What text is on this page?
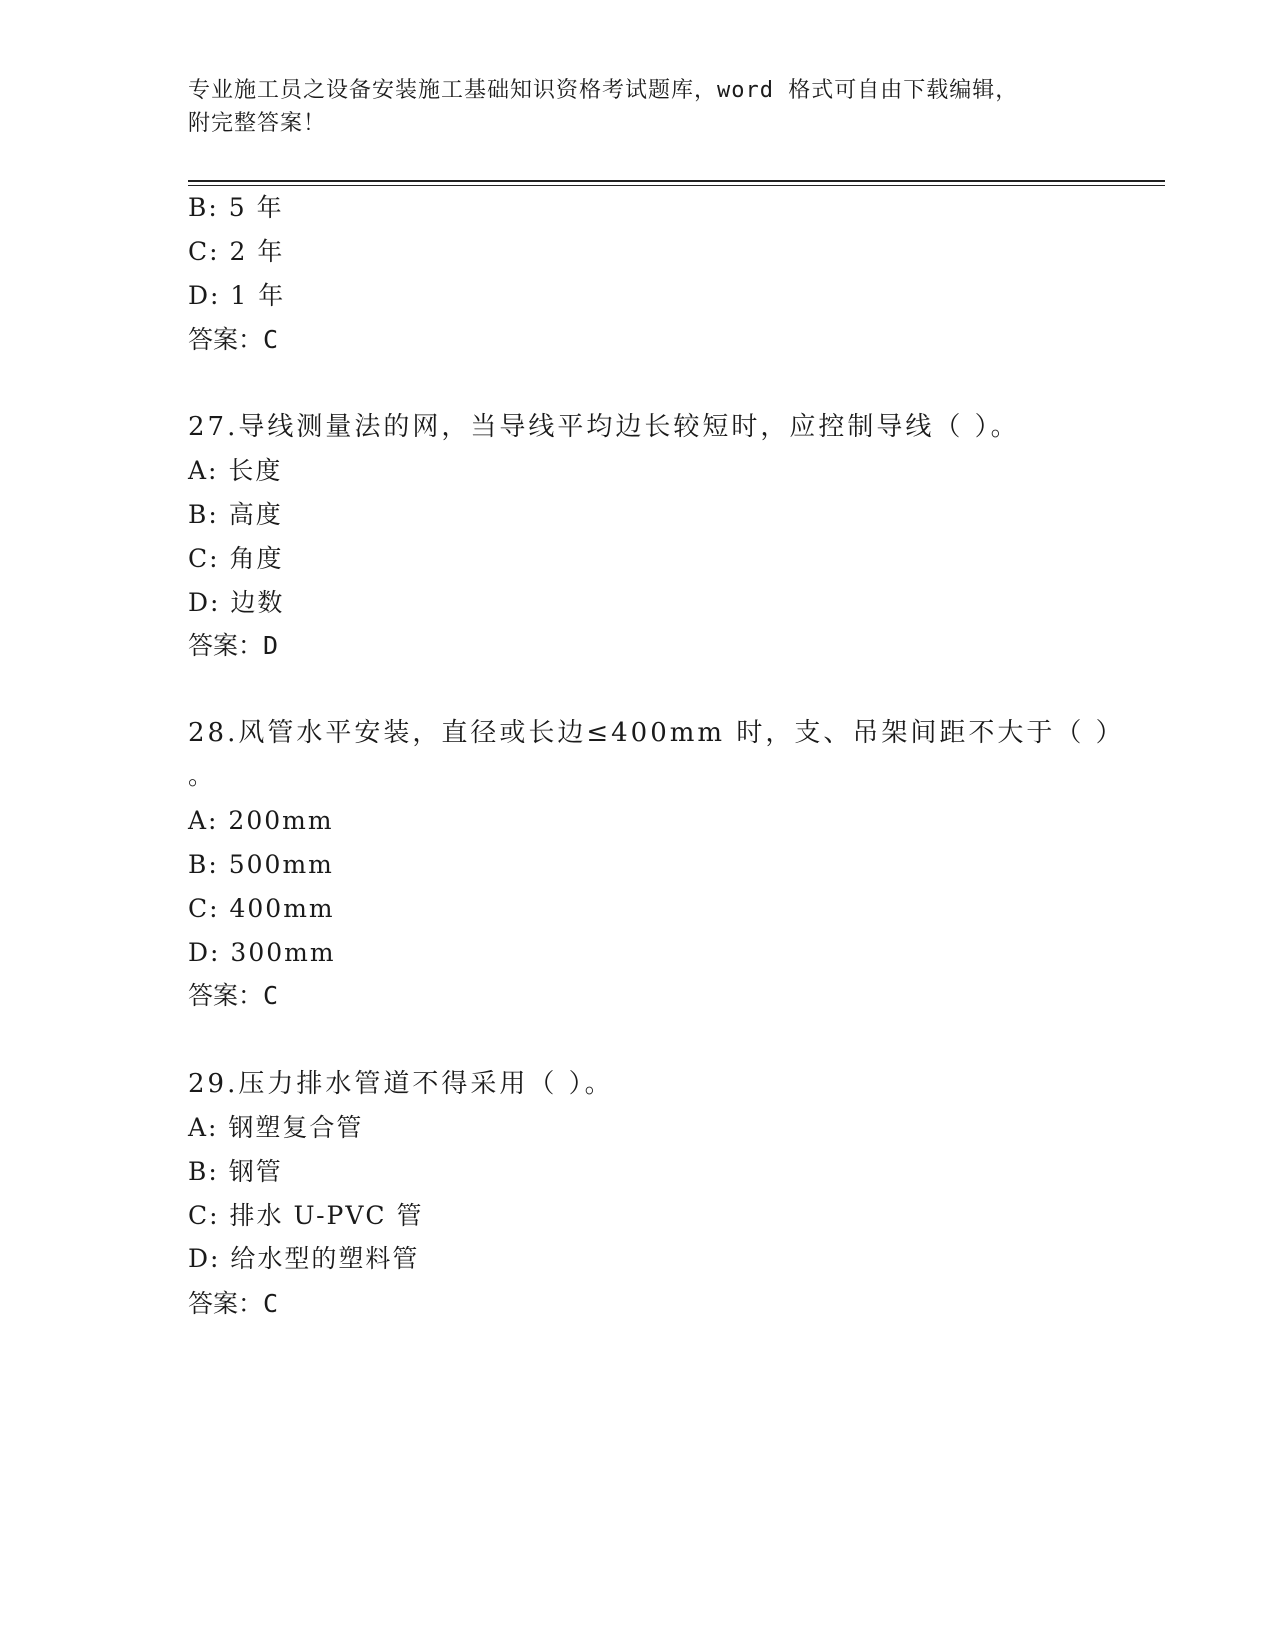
专业施工员之设备安装施工基础知识资格考试题库，word 格式可自由下载编辑，
附完整答案！
B: 5 年
C: 2 年
D: 1 年
答案：C
27.导线测量法的网，当导线平均边长较短时，应控制导线（ ）。
A: 长度
B: 高度
C: 角度
D: 边数
答案：D
28.风管水平安装，直径或长边≤400mm 时，支、吊架间距不大于（ ）
。
A: 200mm
B: 500mm
C: 400mm
D: 300mm
答案：C
29.压力排水管道不得采用（ ）。
A: 钢塑复合管
B: 钢管
C: 排水 U-PVC 管
D: 给水型的塑料管
答案：C
